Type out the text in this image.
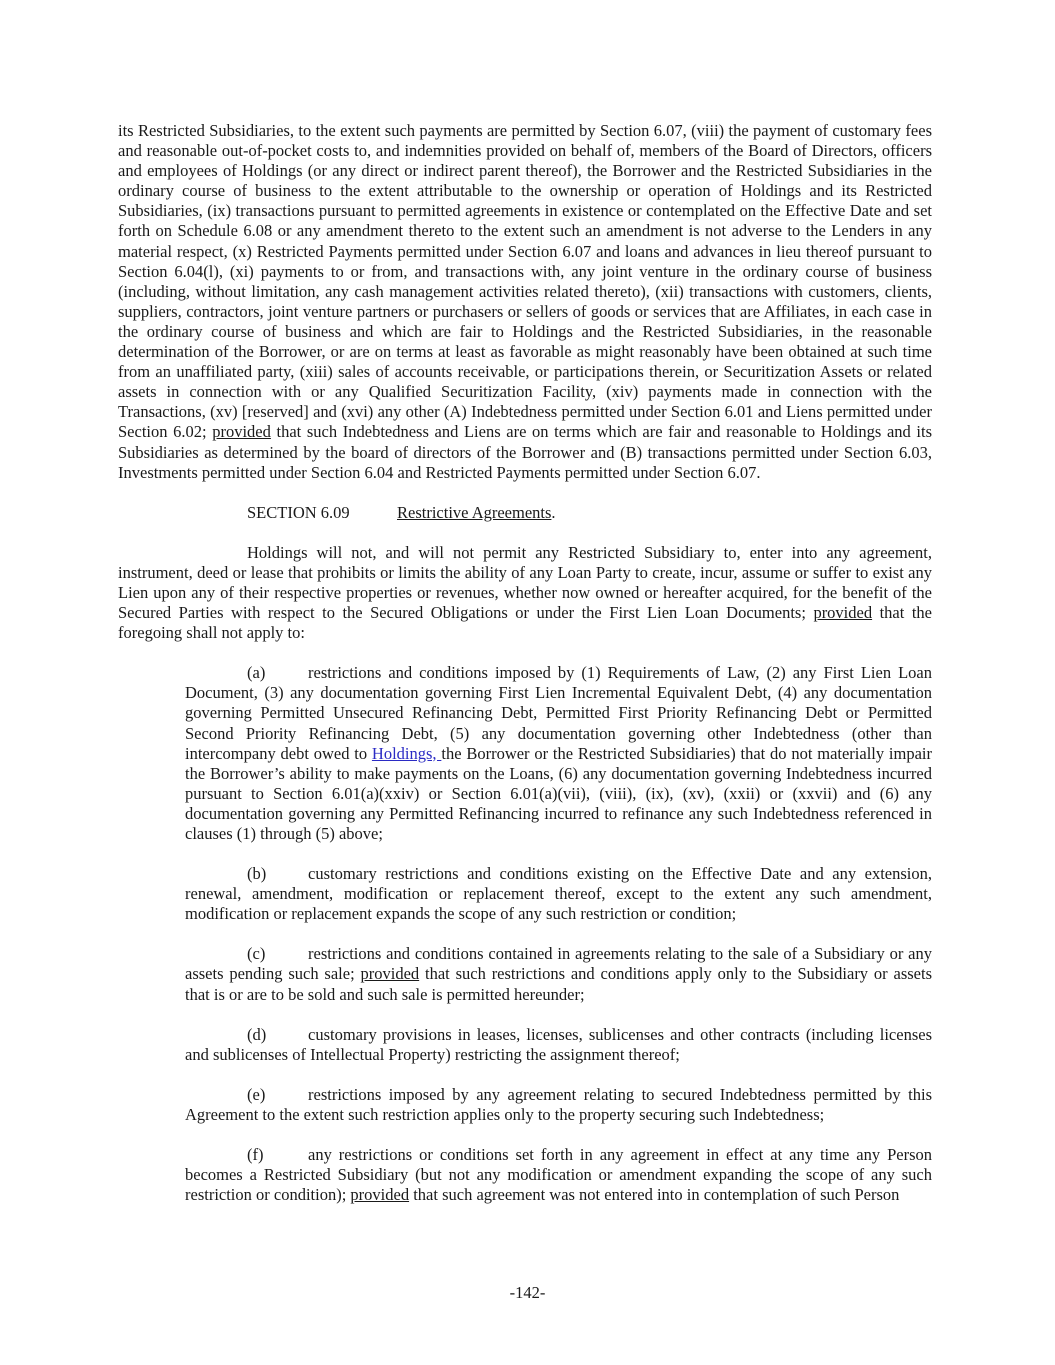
its Restricted Subsidiaries, to the extent such payments are permitted by Section 6.07, (viii) the payment of customary fees and reasonable out-of-pocket costs to, and indemnities provided on behalf of, members of the Board of Directors, officers and employees of Holdings (or any direct or indirect parent thereof), the Borrower and the Restricted Subsidiaries in the ordinary course of business to the extent attributable to the ownership or operation of Holdings and its Restricted Subsidiaries, (ix) transactions pursuant to permitted agreements in existence or contemplated on the Effective Date and set forth on Schedule 6.08 or any amendment thereto to the extent such an amendment is not adverse to the Lenders in any material respect, (x) Restricted Payments permitted under Section 6.07 and loans and advances in lieu thereof pursuant to Section 6.04(l), (xi) payments to or from, and transactions with, any joint venture in the ordinary course of business (including, without limitation, any cash management activities related thereto), (xii) transactions with customers, clients, suppliers, contractors, joint venture partners or purchasers or sellers of goods or services that are Affiliates, in each case in the ordinary course of business and which are fair to Holdings and the Restricted Subsidiaries, in the reasonable determination of the Borrower, or are on terms at least as favorable as might reasonably have been obtained at such time from an unaffiliated party, (xiii) sales of accounts receivable, or participations therein, or Securitization Assets or related assets in connection with or any Qualified Securitization Facility, (xiv) payments made in connection with the Transactions, (xv) [reserved] and (xvi) any other (A) Indebtedness permitted under Section 6.01 and Liens permitted under Section 6.02; provided that such Indebtedness and Liens are on terms which are fair and reasonable to Holdings and its Subsidiaries as determined by the board of directors of the Borrower and (B) transactions permitted under Section 6.03, Investments permitted under Section 6.04 and Restricted Payments permitted under Section 6.07.

SECTION 6.09	Restrictive Agreements.

Holdings will not, and will not permit any Restricted Subsidiary to, enter into any agreement, instrument, deed or lease that prohibits or limits the ability of any Loan Party to create, incur, assume or suffer to exist any Lien upon any of their respective properties or revenues, whether now owned or hereafter acquired, for the benefit of the Secured Parties with respect to the Secured Obligations or under the First Lien Loan Documents; provided that the foregoing shall not apply to:

(a)	restrictions and conditions imposed by (1) Requirements of Law, (2) any First Lien Loan Document, (3) any documentation governing First Lien Incremental Equivalent Debt, (4) any documentation governing Permitted Unsecured Refinancing Debt, Permitted First Priority Refinancing Debt or Permitted Second Priority Refinancing Debt, (5) any documentation governing other Indebtedness (other than intercompany debt owed to Holdings, the Borrower or the Restricted Subsidiaries) that do not materially impair the Borrower’s ability to make payments on the Loans, (6) any documentation governing Indebtedness incurred pursuant to Section 6.01(a)(xxiv) or Section 6.01(a)(vii), (viii), (ix), (xv), (xxii) or (xxvii) and (6) any documentation governing any Permitted Refinancing incurred to refinance any such Indebtedness referenced in clauses (1) through (5) above;

(b)	customary restrictions and conditions existing on the Effective Date and any extension, renewal, amendment, modification or replacement thereof, except to the extent any such amendment, modification or replacement expands the scope of any such restriction or condition;

(c)	restrictions and conditions contained in agreements relating to the sale of a Subsidiary or any assets pending such sale; provided that such restrictions and conditions apply only to the Subsidiary or assets that is or are to be sold and such sale is permitted hereunder;

(d)	customary provisions in leases, licenses, sublicenses and other contracts (including licenses and sublicenses of Intellectual Property) restricting the assignment thereof;

(e)	restrictions imposed by any agreement relating to secured Indebtedness permitted by this Agreement to the extent such restriction applies only to the property securing such Indebtedness;

(f)	any restrictions or conditions set forth in any agreement in effect at any time any Person becomes a Restricted Subsidiary (but not any modification or amendment expanding the scope of any such restriction or condition); provided that such agreement was not entered into in contemplation of such Person

-142-
